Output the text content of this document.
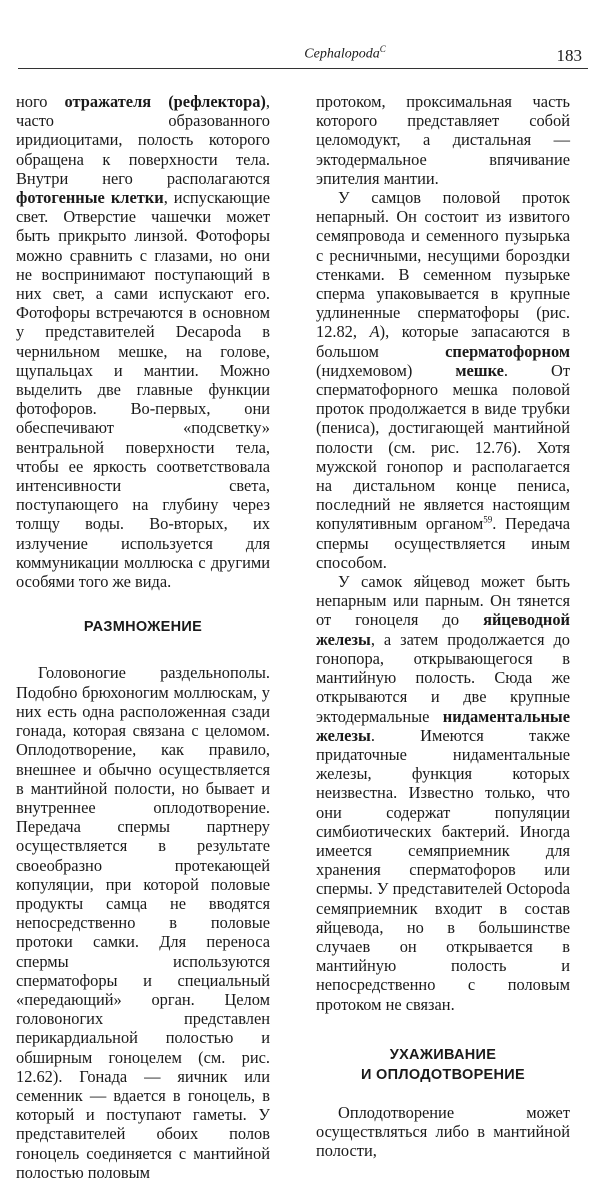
Cephalopoda$^C$	183

ного отражателя (рефлектора), часто образованного иридиоцитами, полость которого обращена к поверхности тела. Внутри него располагаются фотогенные клетки, испускающие свет. Отверстие чашечки может быть прикрыто линзой. Фотофоры можно сравнить с глазами, но они не воспринимают поступающий в них свет, а сами испускают его. Фотофоры встречаются в основном у представителей Decapoda в чернильном мешке, на голове, щупальцах и мантии. Можно выделить две главные функции фотофоров. Во-первых, они обеспечивают «подсветку» вентральной поверхности тела, чтобы ее яркость соответствовала интенсивности света, поступающего на глубину через толщу воды. Во-вторых, их излучение используется для коммуникации моллюска с другими особями того же вида.

РАЗМНОЖЕНИЕ

Головоногие раздельнополы. Подобно брюхоногим моллюскам, у них есть одна расположенная сзади гонада, которая связана с целомом. Оплодотворение, как правило, внешнее и обычно осуществляется в мантийной полости, но бывает и внутреннее оплодотворение. Передача спермы партнеру осуществляется в результате своеобразно протекающей копуляции, при которой половые продукты самца не вводятся непосредственно в половые протоки самки. Для переноса спермы используются сперматофоры и специальный «передающий» орган. Целом головоногих представлен перикардиальной полостью и обширным гоноцелем (см. рис. 12.62). Гонада — яичник или семенник — вдается в гоноцель, в который и поступают гаметы. У представителей обоих полов гоноцель соединяется с мантийной полостью половым

протоком, проксимальная часть которого представляет собой целомодукт, а дистальная — эктодермальное впячивание эпителия мантии.

У самцов половой проток непарный. Он состоит из извитого семяпровода и семенного пузырька с ресничными, несущими бороздки стенками. В семенном пузырьке сперма упаковывается в крупные удлиненные сперматофоры (рис. 12.82, А), которые запасаются в большом сперматофорном (нидхемовом) мешке. От сперматофорного мешка половой проток продолжается в виде трубки (пениса), достигающей мантийной полости (см. рис. 12.76). Хотя мужской гонопор и располагается на дистальном конце пениса, последний не является настоящим копулятивным органом$^{59}$. Передача спермы осуществляется иным способом.

У самок яйцевод может быть непарным или парным. Он тянется от гоноцеля до яйцеводной железы, а затем продолжается до гонопора, открывающегося в мантийную полость. Сюда же открываются и две крупные эктодермальные нидаментальные железы. Имеются также придаточные нидаментальные железы, функция которых неизвестна. Известно только, что они содержат популяции симбиотических бактерий. Иногда имеется семяприемник для хранения сперматофоров или спермы. У представителей Octopoda семяприемник входит в состав яйцевода, но в большинстве случаев он открывается в мантийную полость и непосредственно с половым протоком не связан.

УХАЖИВАНИЕ
И ОПЛОДОТВОРЕНИЕ

Оплодотворение может осуществляться либо в мантийной полости,
